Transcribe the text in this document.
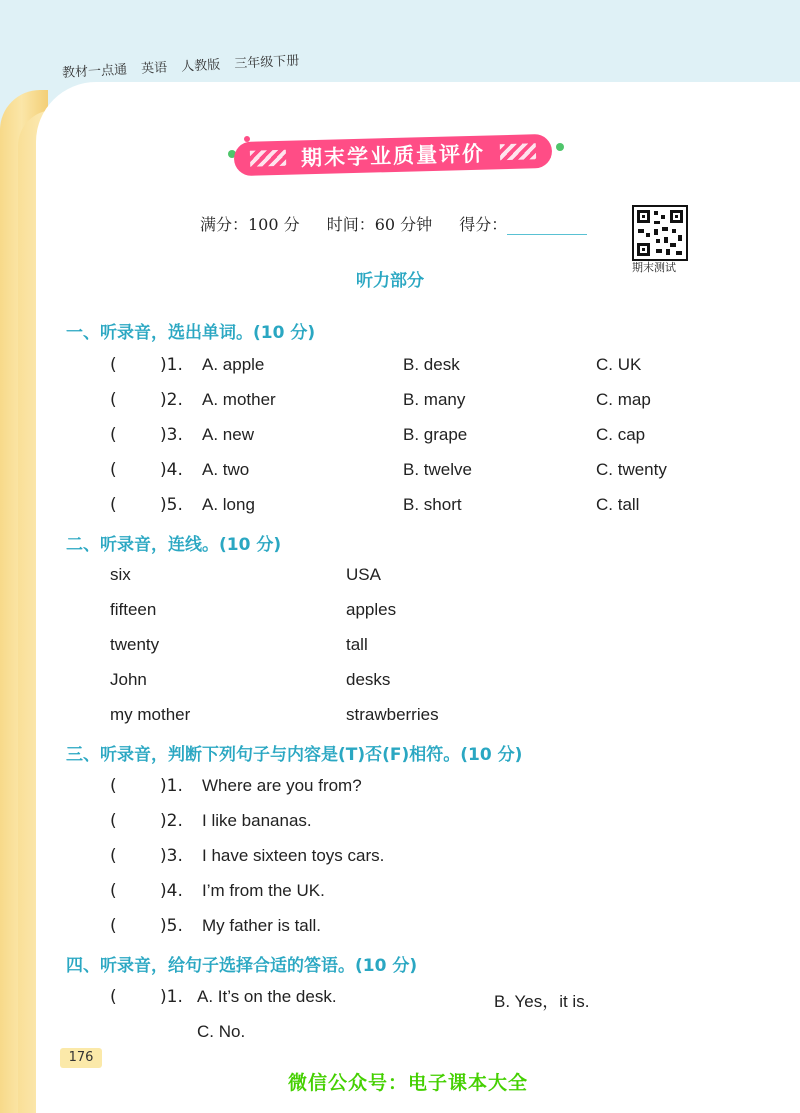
教材一点通 英语 人教版 三年级下册
期末学业质量评价
满分：100 分 时间：60 分钟 得分：
期末测试
听力部分
一、听录音，选出单词。(10 分)
(	)1. A. apple	B. desk	C. UK
(	)2. A. mother	B. many	C. map
(	)3. A. new	B. grape	C. cap
(	)4. A. two	B. twelve	C. twenty
(	)5. A. long	B. short	C. tall
二、听录音，连线。(10 分)
six	USA
fifteen	apples
twenty	tall
John	desks
my mother	strawberries
三、听录音，判断下列句子与内容是(T)否(F)相符。(10 分)
(	)1. Where are you from?
(	)2. I like bananas.
(	)3. I have sixteen toys cars.
(	)4. I’m from the UK.
(	)5. My father is tall.
四、听录音，给句子选择合适的答语。(10 分)
(	)1. A. It’s on the desk.	B. Yes，it is.
C. No.
176
微信公众号：电子课本大全
